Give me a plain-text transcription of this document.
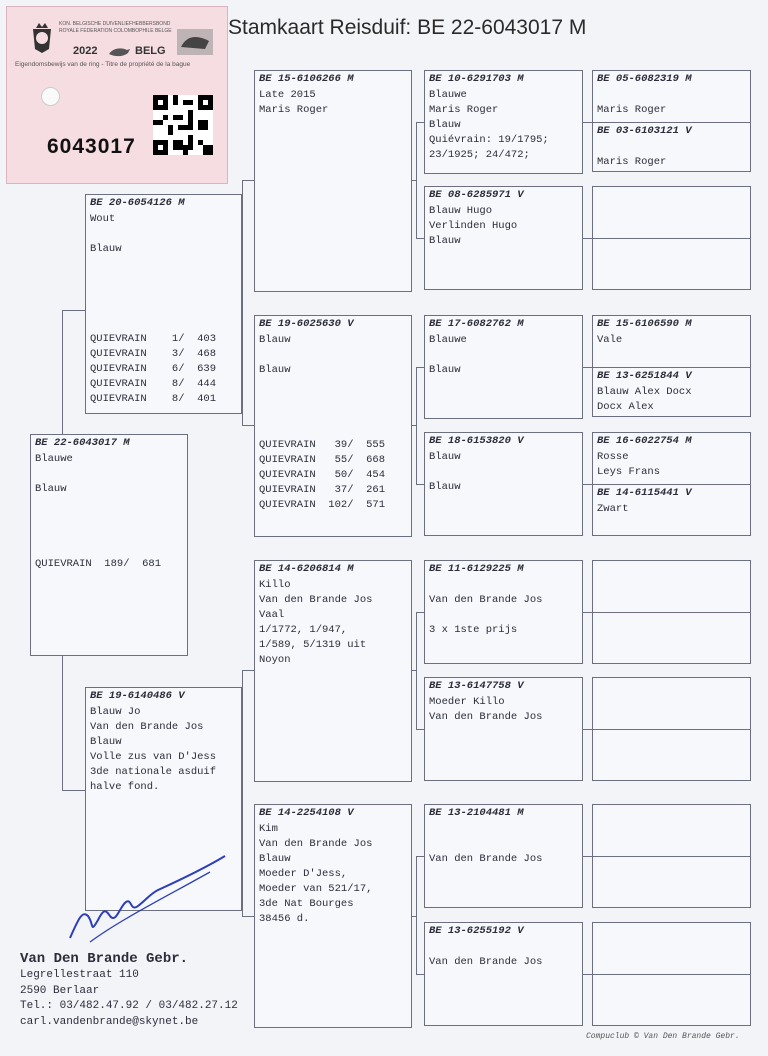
Stamkaart Reisduif: BE 22-6043017 M
KON. BELGISCHE DUIVENLIEFHEBBERSBOND
ROYALE FEDERATION COLOMBOPHILE BELGE
2022	BELG
Eigendomsbewijs van de ring - Titre de propriété de la bague
6043017
BE 22-6043017 M
Blauwe

Blauw

QUIEVRAIN  189/  681
BE 20-6054126 M
Wout

Blauw

QUIEVRAIN    1/  403
QUIEVRAIN    3/  468
QUIEVRAIN    6/  639
QUIEVRAIN    8/  444
QUIEVRAIN    8/  401
BE 19-6140486 V
Blauw Jo
Van den Brande Jos
Blauw
Volle zus van D'Jess
3de nationale asduif
halve fond.
BE 15-6106266 M
Late 2015
Maris Roger
BE 19-6025630 V
Blauw

Blauw

QUIEVRAIN   39/  555
QUIEVRAIN   55/  668
QUIEVRAIN   50/  454
QUIEVRAIN   37/  261
QUIEVRAIN  102/  571
BE 14-6206814 M
Killo
Van den Brande Jos
Vaal
1/1772, 1/947,
1/589, 5/1319 uit
Noyon
BE 14-2254108 V
Kim
Van den Brande Jos
Blauw
Moeder D'Jess,
Moeder van 521/17,
3de Nat Bourges
38456 d.
BE 10-6291703 M
Blauwe
Maris Roger
Blauw
Quiévrain: 19/1795;
23/1925; 24/472;
BE 08-6285971 V
Blauw Hugo
Verlinden Hugo
Blauw
BE 17-6082762 M
Blauwe

Blauw
BE 18-6153820 V
Blauw

Blauw
BE 11-6129225 M

Van den Brande Jos

3 x 1ste prijs
BE 13-6147758 V
Moeder Killo
Van den Brande Jos
BE 13-2104481 M

Van den Brande Jos
BE 13-6255192 V

Van den Brande Jos
BE 05-6082319 M

Maris Roger
BE 03-6103121 V

Maris Roger
BE 15-6106590 M
Vale
BE 13-6251844 V
Blauw Alex Docx
Docx Alex
BE 16-6022754 M
Rosse
Leys Frans
BE 14-6115441 V
Zwart
Van Den Brande Gebr.
Legrellestraat 110
2590 Berlaar
Tel.: 03/482.47.92 / 03/482.27.12
carl.vandenbrande@skynet.be
Compuclub © Van Den Brande Gebr.
